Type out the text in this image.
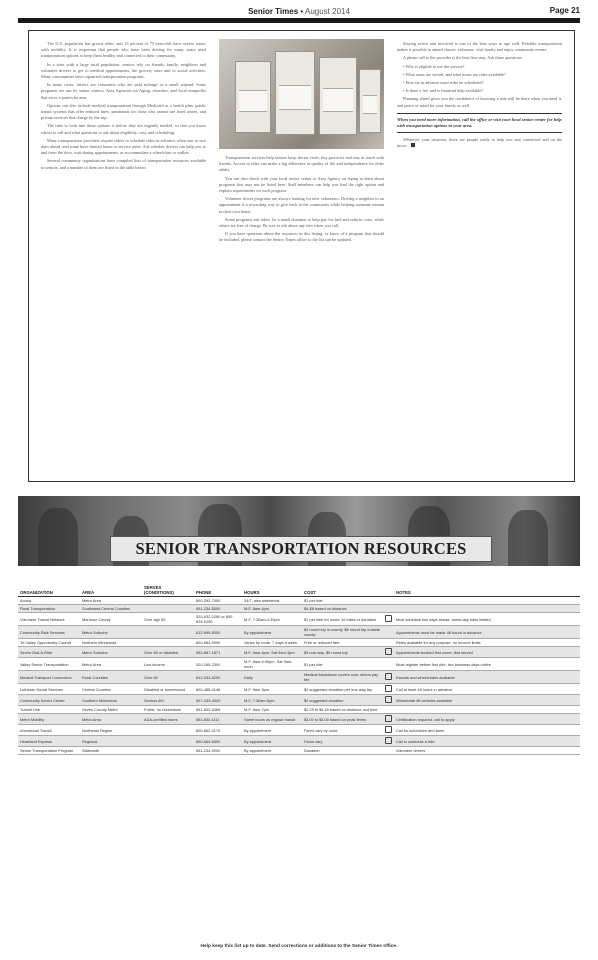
Senior Times • August 2014	Page 21

The U.S. population has grown older, and 15 percent of 75-year-olds have severe issues with mobility. It is important that people who have been driving for many years need transportation options to keep them healthy and connected to their community.

In a state with a large rural population, seniors rely on friends, family, neighbors and volunteer drivers to get to medical appointments, the grocery store and to social activities. Many communities have organized transportation programs.

In many cases, drivers are volunteers who are paid mileage or a small stipend. Some programs are run by senior centers, Area Agencies on Aging, churches, and local nonprofits that serve a particular area.

Options can also include medical transportation through Medicaid or a health plan, public transit systems that offer reduced fares, paratransit for those who cannot use fixed routes, and private services that charge by the trip.

The time to look into these options is before they are urgently needed, so that you know whom to call and what questions to ask about eligibility, cost, and scheduling.

Many transportation providers require riders to schedule rides in advance, often one or two days ahead, and some have limited hours or service areas. Ask whether drivers can help you to and from the door, wait during appointments, or accommodate a wheelchair or walker.

Several community organizations have compiled lists of transportation resources available to seniors, and a number of them are listed in the table below.

Transportation services help seniors keep doctor visits, buy groceries and stay in touch with friends. Access to rides can make a big difference in quality of life and independence for older adults.

You can also check with your local senior center or Area Agency on Aging to learn about programs that may not be listed here. Staff members can help you find the right option and explain requirements for each program.

Volunteer driver programs are always looking for new volunteers. Driving a neighbor to an appointment is a rewarding way to give back to the community while helping someone remain in their own home.

Some programs ask riders for a small donation to help pay for fuel and vehicle costs, while others are free of charge. Be sure to ask about any fees when you call.

If you have questions about the resources in this listing, or know of a program that should be included, please contact the Senior Times office so the list can be updated.

Staying active and involved is one of the best ways to age well. Reliable transportation makes it possible to attend classes, volunteer, visit family and enjoy community events.

A phone call to the provider is the best first step. Ask these questions:

• Who is eligible to use the service?

• What areas are served, and what hours are rides available?

• How far in advance must rides be scheduled?

• Is there a fee, and is financial help available?

Planning ahead gives you the confidence of knowing a ride will be there when you need it, and peace of mind for your family as well.

When you need more information, call the office or visit your local senior center for help with transportation options in your area.

Whatever your situation, there are people ready to help you stay connected and on the move.

SENIOR TRANSPORTATION RESOURCES
ORGANIZATION	AREA	SERVES (CONDITIONS)	PHONE	HOURS	COST		NOTES
Anoka	Metro Area		800-292-7000	24/7, also weekends	$1 per ride		
Rural Transportation	Southwest Central Counties		651-234-5000	M-F, 8am-4pm	$4-$8 based on distance		
Volunteer Transit Network	Morrison County	Over age 60	320-632-0290 or 800-625-0290	M-F, 7:30am-4:30pm	$1 per mile for under 10 miles or donation		Must schedule two days ahead, same-day rides limited
Community Ride Services	Metro Suburbs		612-999-8000	By appointment	$2 round trip in county, $5 round trip outside county		Appointments must be made 48 hours in advance
Tri-Valley Opportunity Council	Northern Minnesota		800-584-9990	Varies by route, 7 days a week	Free or reduced fare		Rides available for any purpose, no income limits
Senior Dial-A-Ride	Metro Suburbs	Over 60 or disabled	952-887-1871	M-F, 8am-4pm, Sat 9am-1pm	$3 one-way, $5 round trip		Appointments booked first come, first served
Valley Senior Transportation	Metro Area	Low income	320-269-2300	M-F, 8am-4:30pm, Sat 9am-noon	$1 per ride		Must register before first ride, two business days notice
Medical Transport Connection	Rural Counties	Over 60	612-333-8200	Daily	Medical Assistance covers cost, others pay fee		Escorts and wheelchairs available
Lutheran Social Services	Central Counties	Disabled or homebound	800-488-4146	M-F, 9am-3pm	$2 suggested donation per one-way trip		Call at least 48 hours in advance
Community Senior Center	Southern Minnesota	Seniors 60+	507-433-4020	M-F, 7:30am-5pm	$2 suggested donation		Wheelchair lift vehicles available
Transit Link	Seven-County Metro	Public, no restrictions	651-602-5465	M-F, 6am-7pm	$2.25 to $4.50 based on distance and time		
Metro Mobility	Metro Area	ADA-certified riders	651-602-1111	Same hours as regular transit	$3.00 to $4.00 based on peak times		Certification required, call to apply
Arrowhead Transit	Northeast Region		800-862-0175	By appointment	Fares vary by route		Call for schedules and fares
Heartland Express	Regional		800-564-6500	By appointment	Fares vary		Call to schedule a ride
Senior Transportation Program	Statewide		651-234-9000	By appointment	Donation		Volunteer drivers
Help keep this list up to date. Send corrections or additions to the Senior Times office.
